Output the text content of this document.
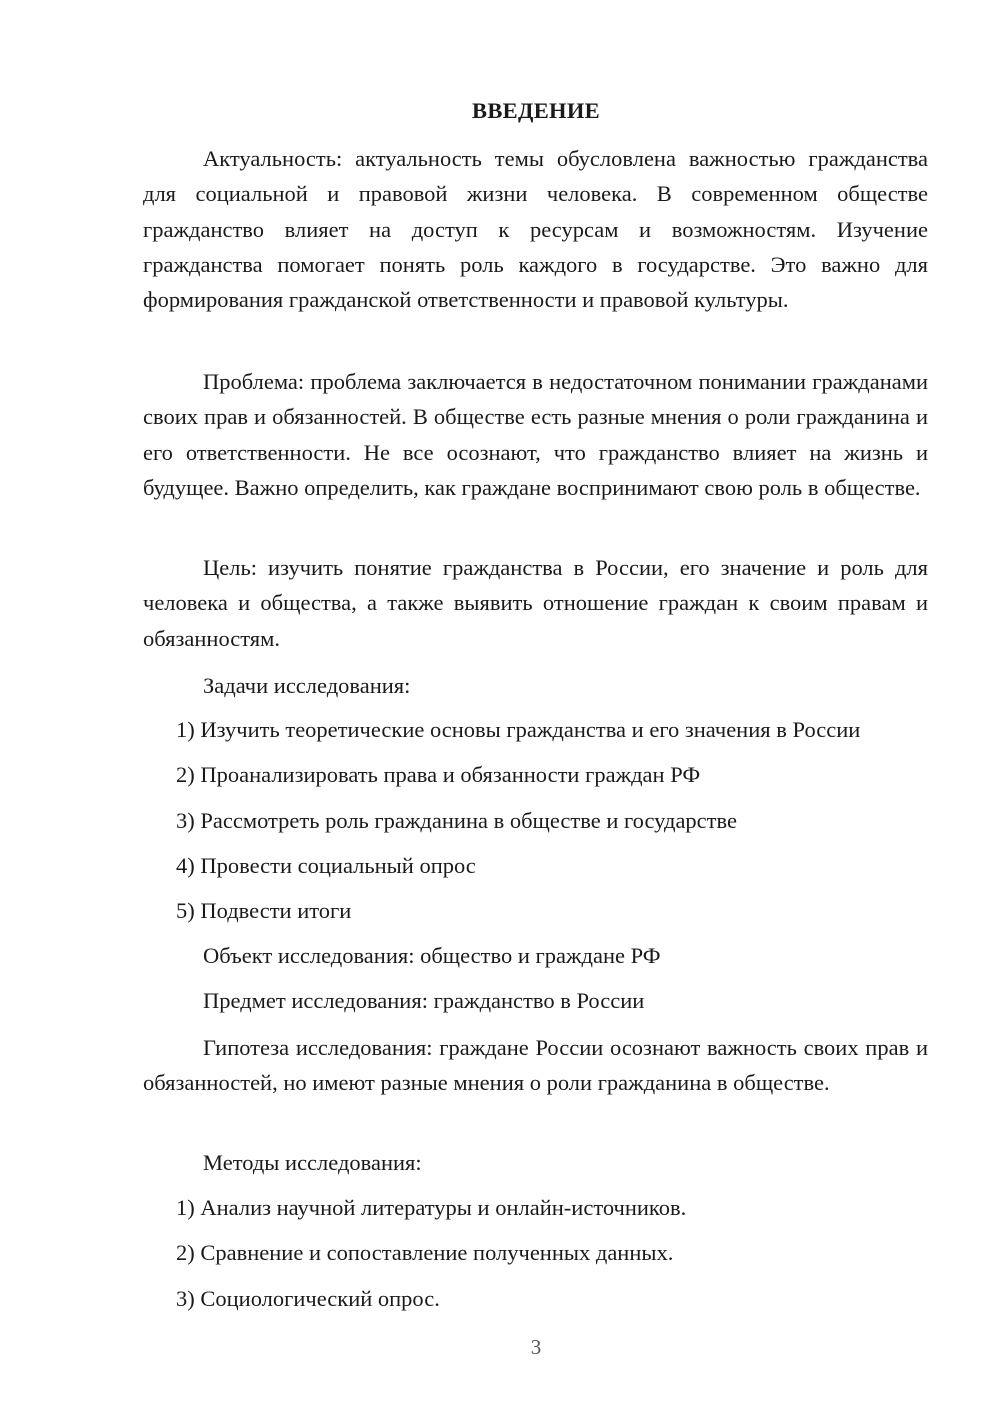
ВВЕДЕНИЕ

Актуальность: актуальность темы обусловлена важностью гражданства для социальной и правовой жизни человека. В современном обществе гражданство влияет на доступ к ресурсам и возможностям. Изучение гражданства помогает понять роль каждого в государстве. Это важно для формирования гражданской ответственности и правовой культуры.

Проблема: проблема заключается в недостаточном понимании гражданами своих прав и обязанностей. В обществе есть разные мнения о роли гражданина и его ответственности. Не все осознают, что гражданство влияет на жизнь и будущее. Важно определить, как граждане воспринимают свою роль в обществе.

Цель: изучить понятие гражданства в России, его значение и роль для человека и общества, а также выявить отношение граждан к своим правам и обязанностям.

Задачи исследования:

1) Изучить теоретические основы гражданства и его значения в России

2) Проанализировать права и обязанности граждан РФ

3) Рассмотреть роль гражданина в обществе и государстве

4) Провести социальный опрос

5) Подвести итоги

Объект исследования: общество и граждане РФ

Предмет исследования: гражданство в России

Гипотеза исследования: граждане России осознают важность своих прав и обязанностей, но имеют разные мнения о роли гражданина в обществе.

Методы исследования:

1) Анализ научной литературы и онлайн-источников.

2) Сравнение и сопоставление полученных данных.

3) Социологический опрос.

3
